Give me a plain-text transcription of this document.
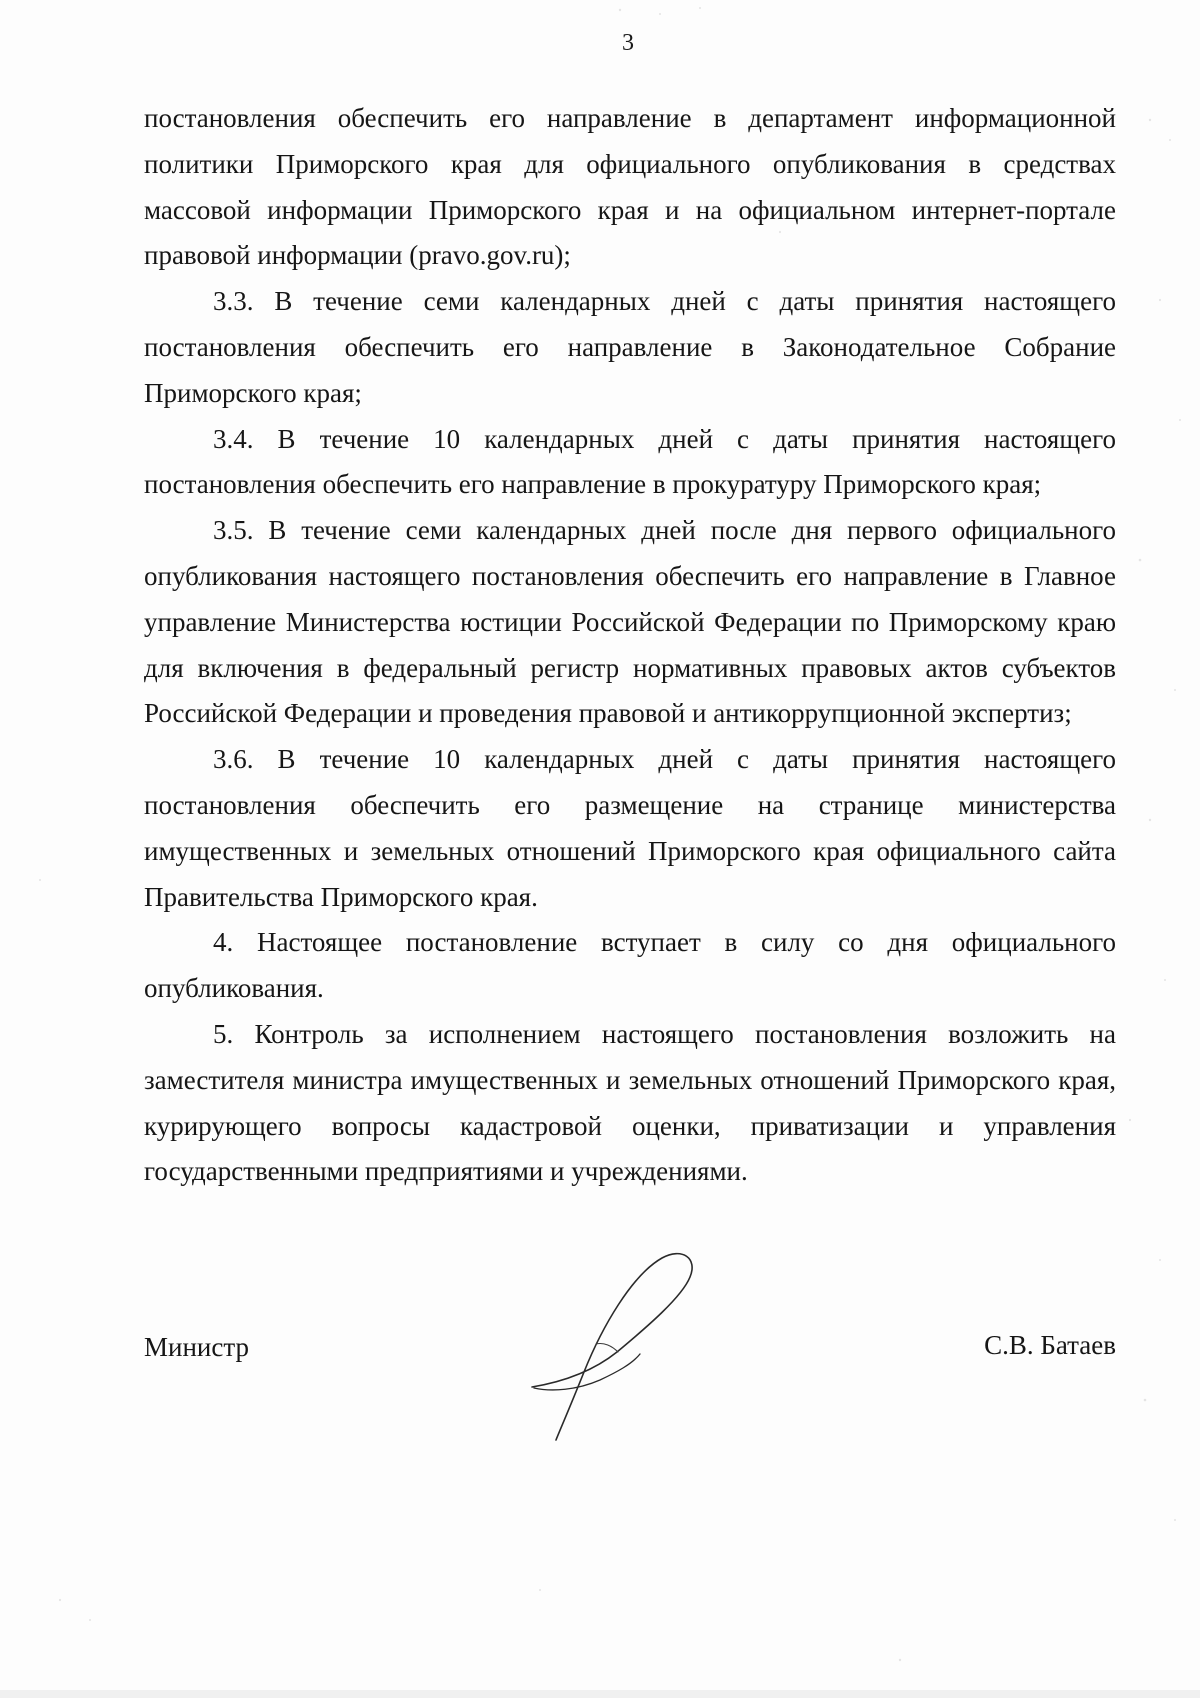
3

постановления обеспечить его направление в департамент информационной политики Приморского края для официального опубликования в средствах массовой информации Приморского края и на официальном интернет-портале правовой информации (pravo.gov.ru);

3.3. В течение семи календарных дней с даты принятия настоящего постановления обеспечить его направление в Законодательное Собрание Приморского края;

3.4. В течение 10 календарных дней с даты принятия настоящего постановления обеспечить его направление в прокуратуру Приморского края;

3.5. В течение семи календарных дней после дня первого официального опубликования настоящего постановления обеспечить его направление в Главное управление Министерства юстиции Российской Федерации по Приморскому краю для включения в федеральный регистр нормативных правовых актов субъектов Российской Федерации и проведения правовой и антикоррупционной экспертиз;

3.6. В течение 10 календарных дней с даты принятия настоящего постановления обеспечить его размещение на странице министерства имущественных и земельных отношений Приморского края официального сайта Правительства Приморского края.

4. Настоящее постановление вступает в силу со дня официального опубликования.

5. Контроль за исполнением настоящего постановления возложить на заместителя министра имущественных и земельных отношений Приморского края, курирующего вопросы кадастровой оценки, приватизации и управления государственными предприятиями и учреждениями.

Министр	С.В. Батаев
